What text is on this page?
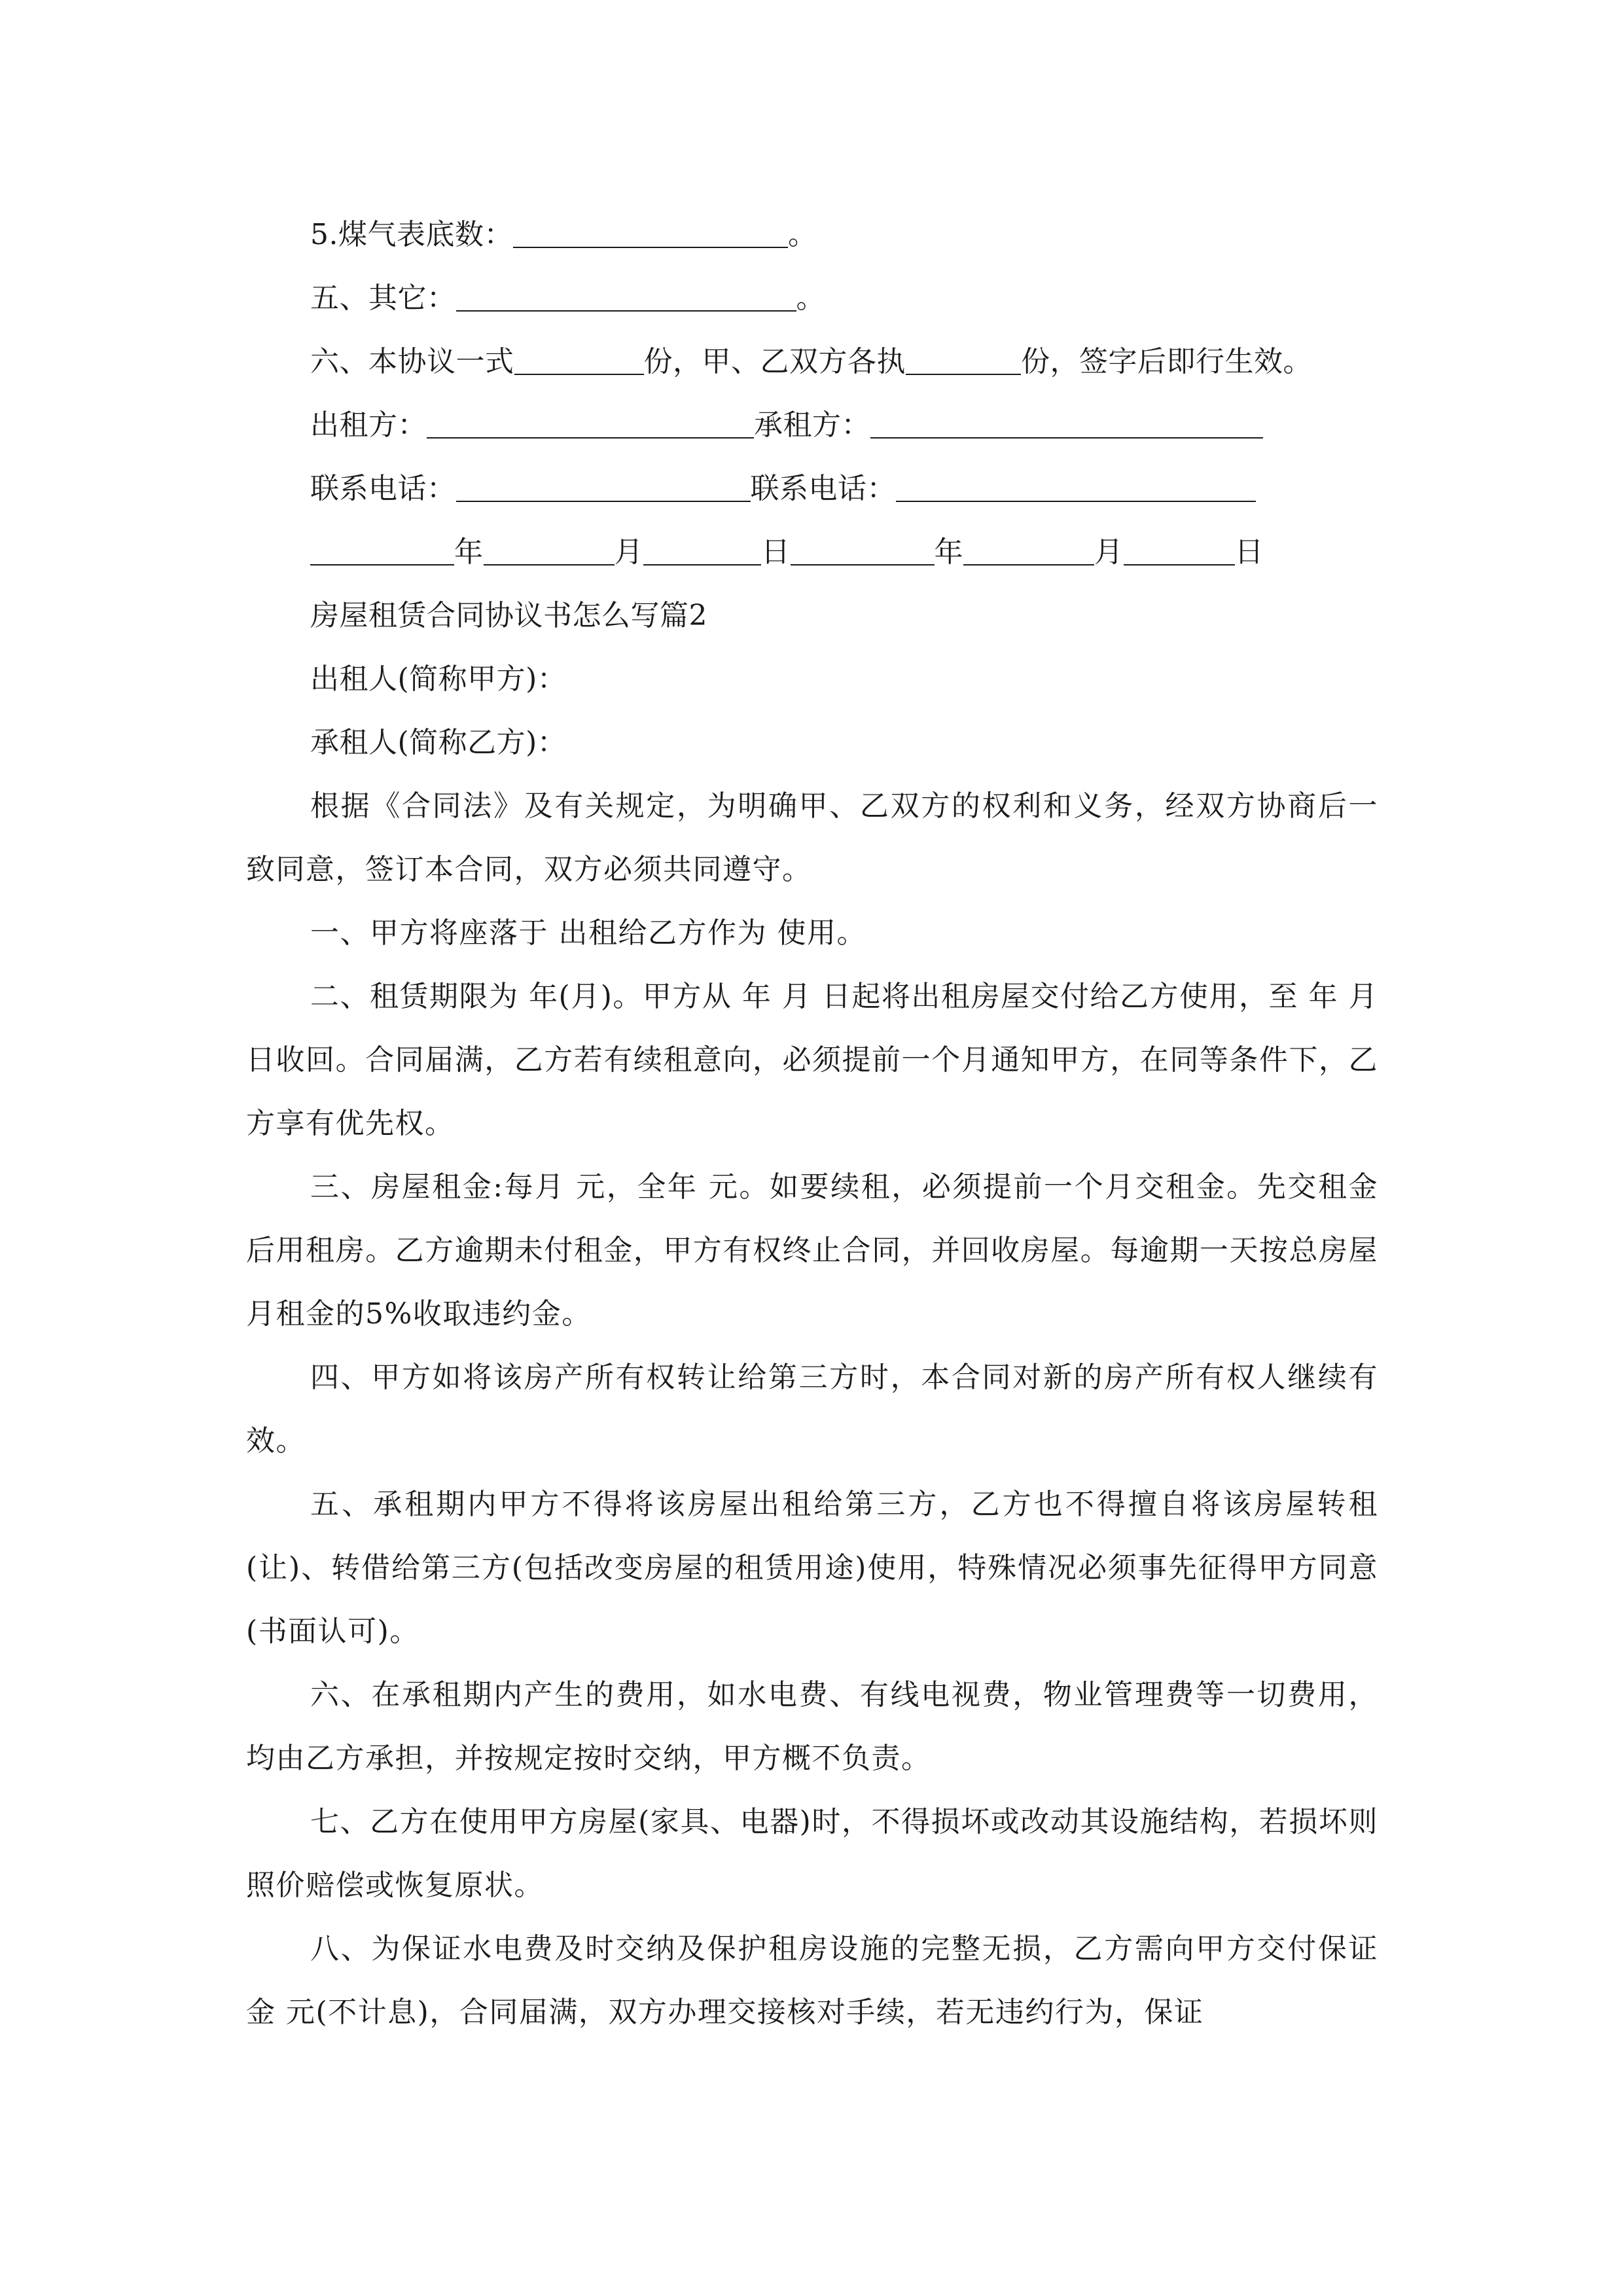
5.煤气表底数：	。
五、其它：	。
六、本协议一式	份，甲、乙双方各执	份，签字后即行生效。
出租方：	承租方：
联系电话：	联系电话：
年	月	日	年	月	日
房屋租赁合同协议书怎么写篇2
出租人(简称甲方)：
承租人(简称乙方)：
根据《合同法》及有关规定，为明确甲、乙双方的权利和义务，经双方协商后一致同意，签订本合同，双方必须共同遵守。
一、甲方将座落于 出租给乙方作为 使用。
二、租赁期限为 年(月)。甲方从 年 月 日起将出租房屋交付给乙方使用，至 年 月 日收回。合同届满，乙方若有续租意向，必须提前一个月通知甲方，在同等条件下，乙方享有优先权。
三、房屋租金:每月 元，全年 元。如要续租，必须提前一个月交租金。先交租金后用租房。乙方逾期未付租金，甲方有权终止合同，并回收房屋。每逾期一天按总房屋月租金的5%收取违约金。
四、甲方如将该房产所有权转让给第三方时，本合同对新的房产所有权人继续有效。
五、承租期内甲方不得将该房屋出租给第三方，乙方也不得擅自将该房屋转租(让)、转借给第三方(包括改变房屋的租赁用途)使用，特殊情况必须事先征得甲方同意(书面认可)。
六、在承租期内产生的费用，如水电费、有线电视费，物业管理费等一切费用，均由乙方承担，并按规定按时交纳，甲方概不负责。
七、乙方在使用甲方房屋(家具、电器)时，不得损坏或改动其设施结构，若损坏则照价赔偿或恢复原状。
八、为保证水电费及时交纳及保护租房设施的完整无损，乙方需向甲方交付保证金 元(不计息)，合同届满，双方办理交接核对手续，若无违约行为，保证
